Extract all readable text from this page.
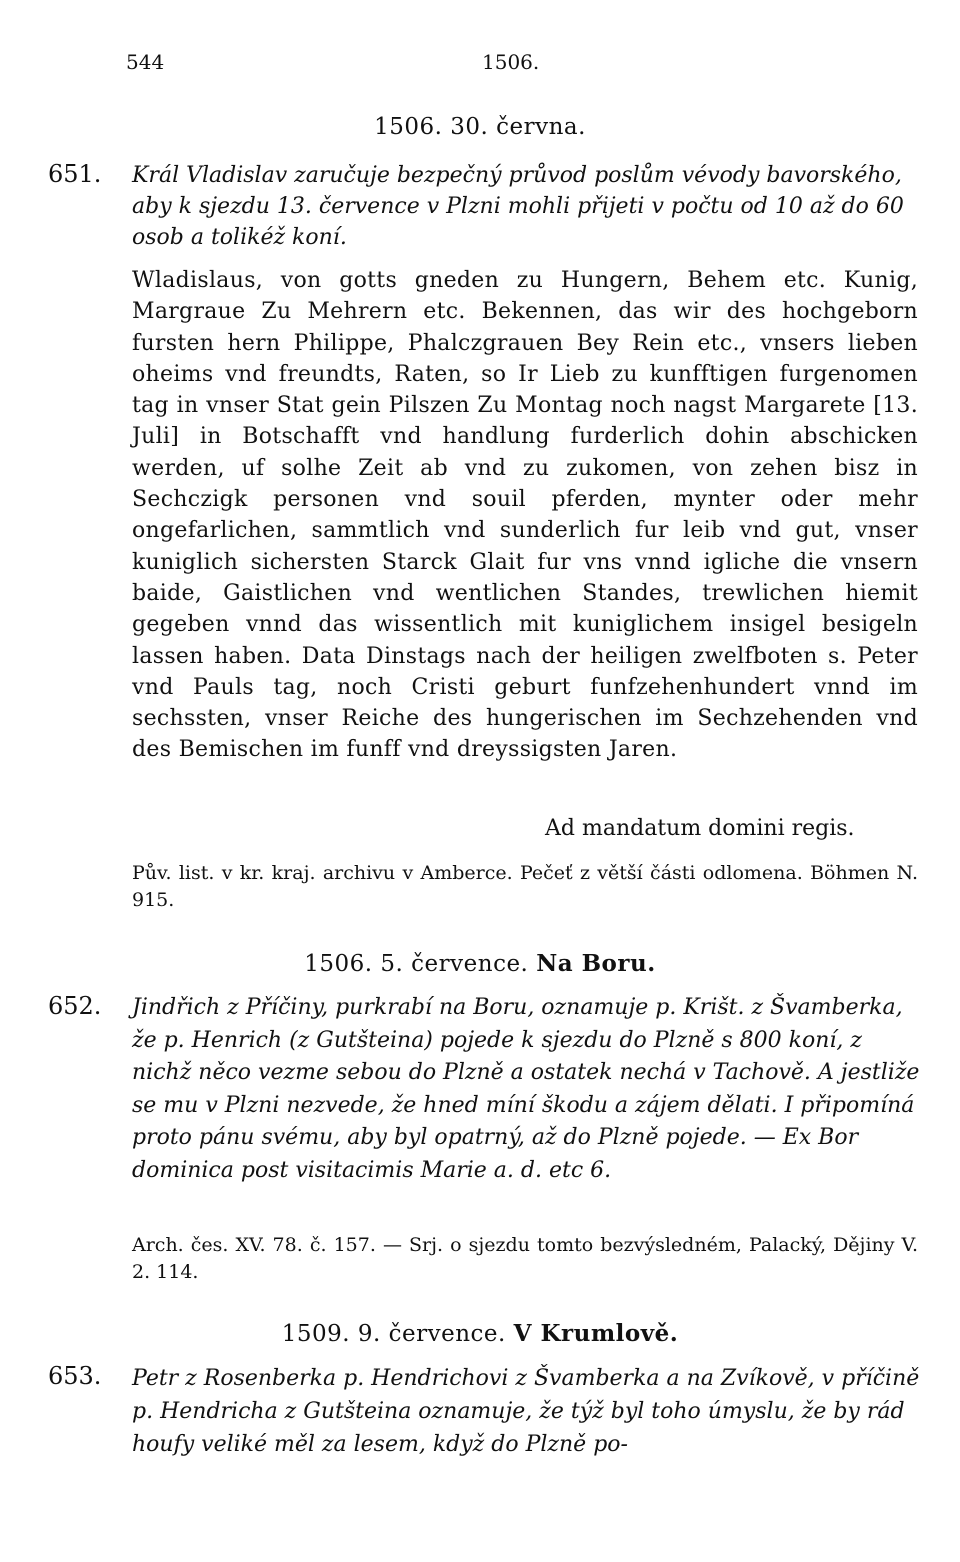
544	1506.
1506. 30. června.
651. Král Vladislav zaručuje bezpečný průvod poslům vévody bavorského, aby k sjezdu 13. července v Plzni mohli přijeti v počtu od 10 až do 60 osob a tolikéž koní.

Wladislaus, von gotts gneden zu Hungern, Behem etc. Kunig, Margraue Zu Mehrern etc. Bekennen, das wir des hochgeborn fursten hern Philippe, Phalczgrauen Bey Rein etc., vnsers lieben oheims vnd freundts, Raten, so Ir Lieb zu kunfftigen furgenomen tag in vnser Stat gein Pilszen Zu Montag noch nagst Margarete [13. Juli] in Botschafft vnd handlung furderlich dohin abschicken werden, uf solhe Zeit ab vnd zu zukomen, von zehen bisz in Sechczigk personen vnd souil pferden, mynter oder mehr ongefarlichen, sammtlich vnd sunderlich fur leib vnd gut, vnser kuniglich sichersten Starck Glait fur vns vnnd igliche die vnsern baide, Gaistlichen vnd wentlichen Standes, trewlichen hiemit gegeben vnnd das wissentlich mit kuniglichem insigel besigeln lassen haben. Data Dinstags nach der heiligen zwelfboten s. Peter vnd Pauls tag, noch Cristi geburt funfzehenhundert vnnd im sechssten, vnser Reiche des hungerischen im Sechzehenden vnd des Bemischen im funff vnd dreyssigsten Jaren.

Ad mandatum domini regis.

Pův. list. v kr. kraj. archivu v Amberce. Pečeť z větší části odlomena. Böhmen N. 915.

1506. 5. července. Na Boru.
652. Jindřich z Příčiny, purkrabí na Boru, oznamuje p. Krišt. z Švamberka, že p. Henrich (z Gutšteina) pojede k sjezdu do Plzně s 800 koní, z nichž něco vezme sebou do Plzně a ostatek nechá v Tachově. A jestliže se mu v Plzni nezvede, že hned míní škodu a zájem dělati. I připomíná proto pánu svému, aby byl opatrný, až do Plzně pojede. — Ex Bor dominica post visitacimis Marie a. d. etc 6.

Arch. čes. XV. 78. č. 157. — Srj. o sjezdu tomto bezvýsledném, Palacký, Dějiny V. 2. 114.

1509. 9. července. V Krumlově.
653. Petr z Rosenberka p. Hendrichovi z Švamberka a na Zvíkově, v příčině p. Hendricha z Gutšteina oznamuje, že týž byl toho úmyslu, že by rád houfy veliké měl za lesem, když do Plzně po-
